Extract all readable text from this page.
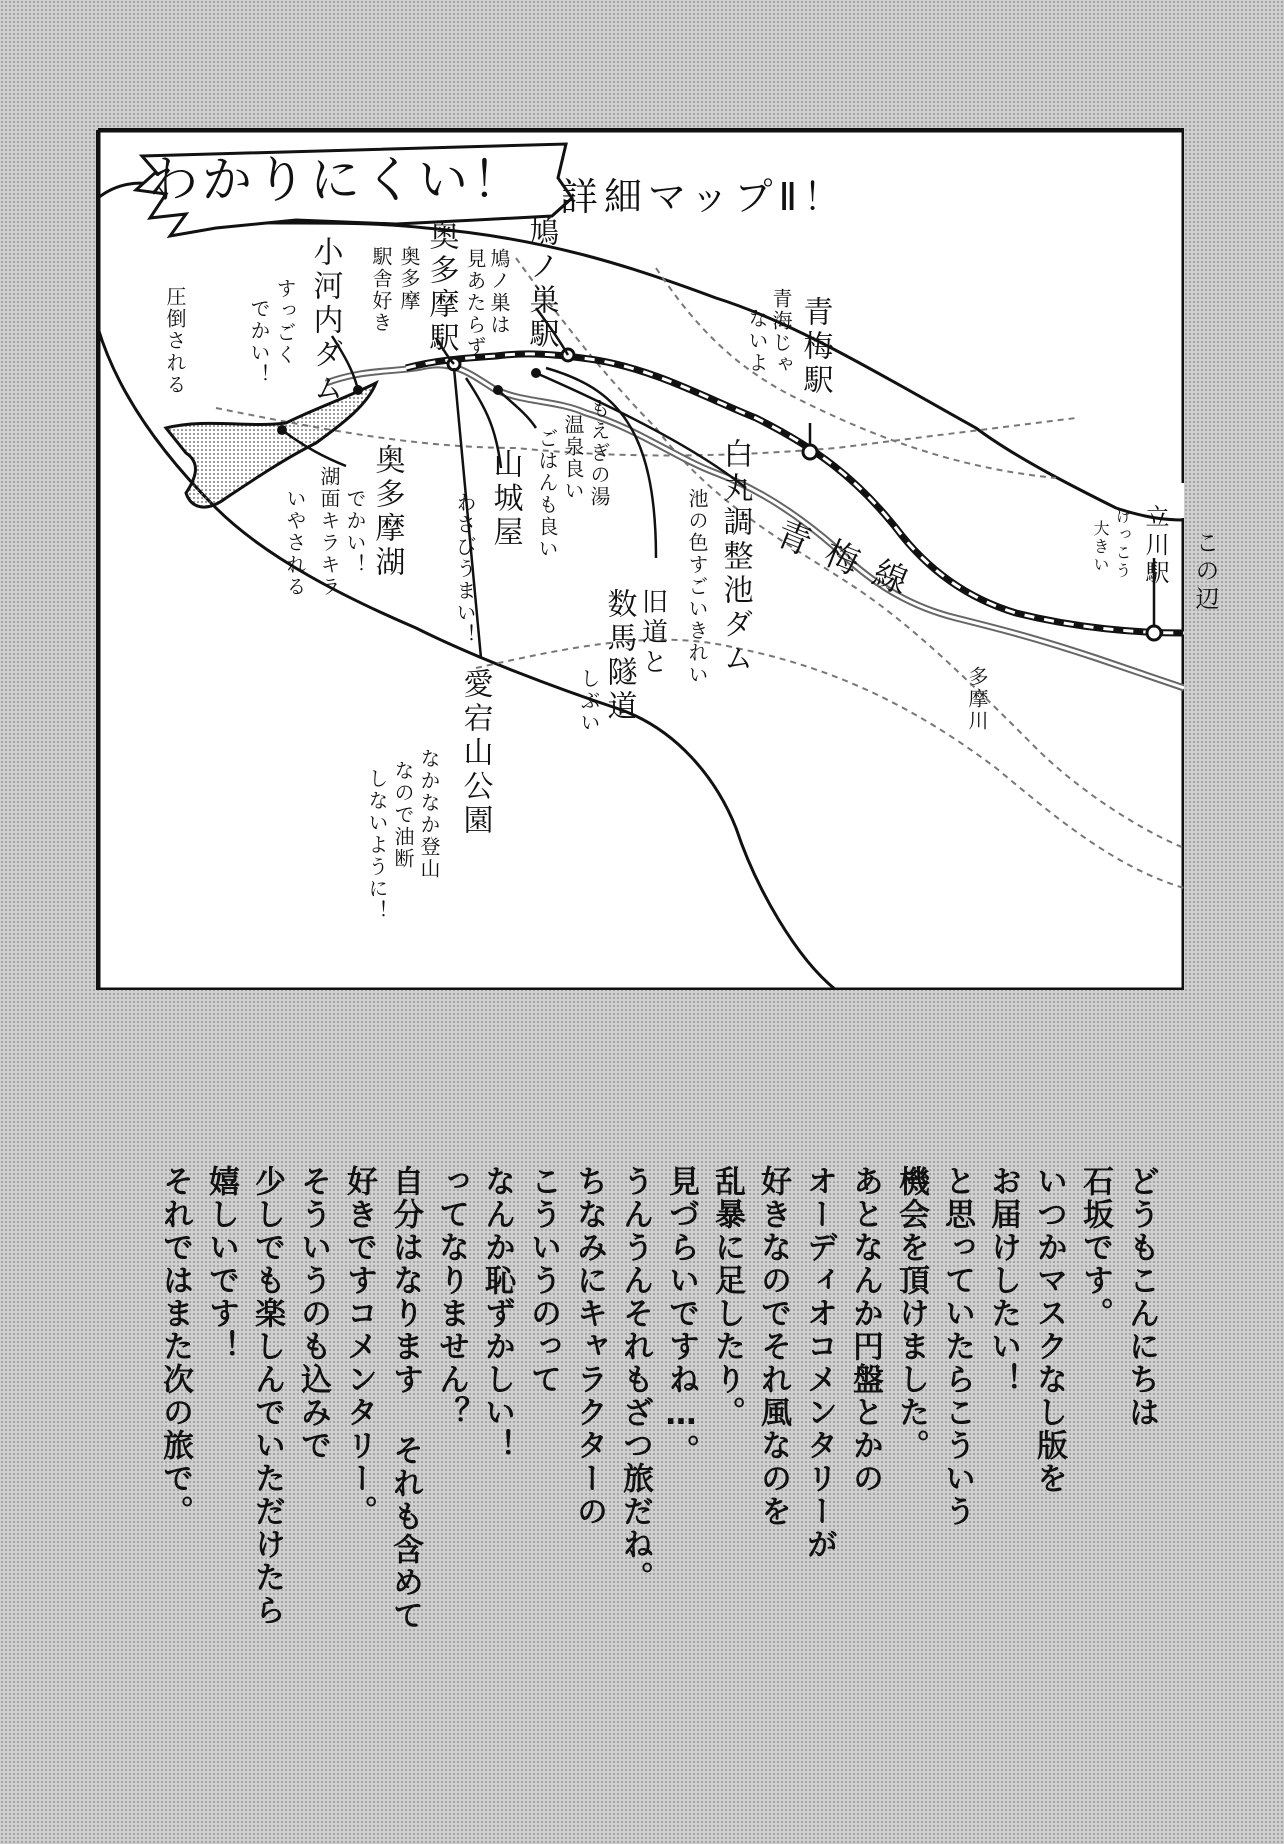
わかりにくい！ 詳細マップⅡ！
小河内ダム
すっごく
でかい！
圧倒される
奥多摩
駅舎好き 奥多摩駅 鳩ノ巣駅
鳩ノ巣は
見あたらず	青梅駅
青海じゃ
ないよ
立川駅
けっこう
大きい	この辺
奥多摩湖
でかい！
湖面キラキラ
いやされる	山城屋
わさびうまい！
もえぎの湯
温泉良い
ごはんも良い	白丸調整池ダム
池の色すごいきれい
旧道と
数馬隧道
しぶい
青梅線
多摩川
愛宕山公園
なかなか登山
なので油断
しないように！
どうもこんにちは
石坂です。
いつかマスクなし版を
お届けしたい！
と思っていたらこういう
機会を頂けました。
あとなんか円盤とかの
オーディオコメンタリーが
好きなのでそれ風なのを
乱暴に足したり。
見づらいですね…。
うんうんそれもざつ旅だね。
ちなみにキャラクターの
こういうのって
なんか恥ずかしい！
ってなりません？
自分はなります それも含めて
好きですコメンタリー。
そういうのも込みで
少しでも楽しんでいただけたら
嬉しいです！
それではまた次の旅で。
